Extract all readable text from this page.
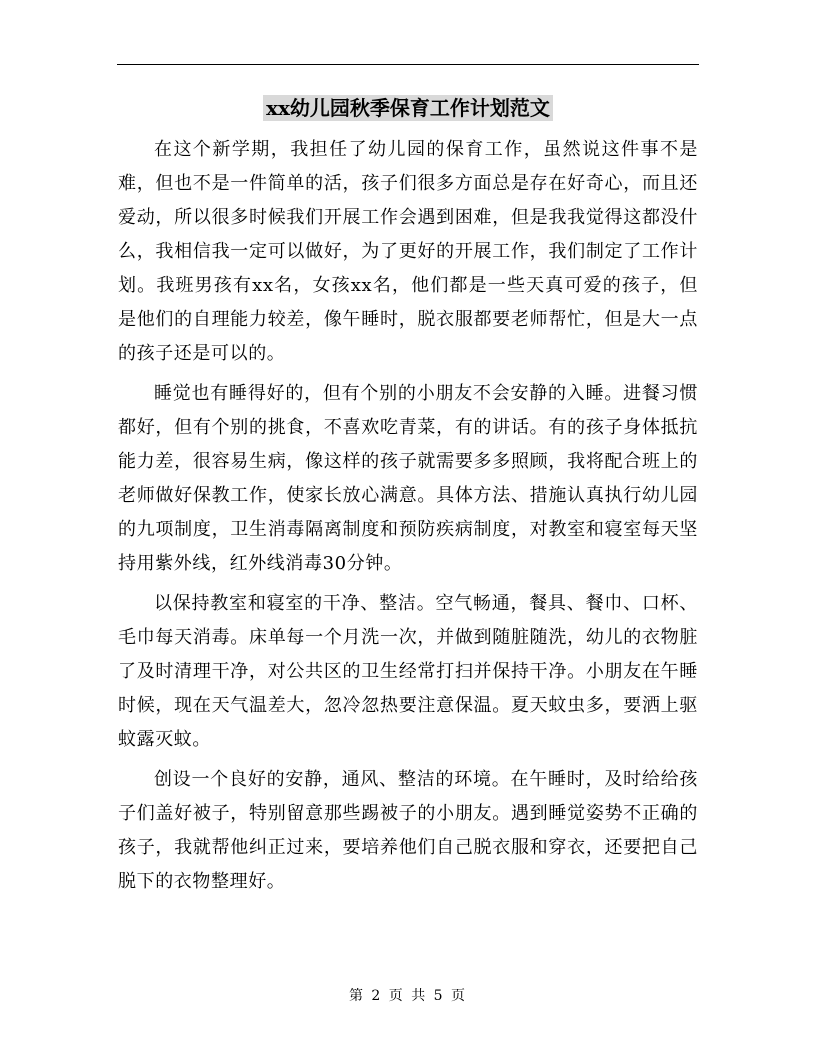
xx幼儿园秋季保育工作计划范文

在这个新学期，我担任了幼儿园的保育工作，虽然说这件事不是难，但也不是一件简单的活，孩子们很多方面总是存在好奇心，而且还爱动，所以很多时候我们开展工作会遇到困难，但是我我觉得这都没什么，我相信我一定可以做好，为了更好的开展工作，我们制定了工作计划。我班男孩有xx名，女孩xx名，他们都是一些天真可爱的孩子，但是他们的自理能力较差，像午睡时，脱衣服都要老师帮忙，但是大一点的孩子还是可以的。

睡觉也有睡得好的，但有个别的小朋友不会安静的入睡。进餐习惯都好，但有个别的挑食，不喜欢吃青菜，有的讲话。有的孩子身体抵抗能力差，很容易生病，像这样的孩子就需要多多照顾，我将配合班上的老师做好保教工作，使家长放心满意。具体方法、措施认真执行幼儿园的九项制度，卫生消毒隔离制度和预防疾病制度，对教室和寝室每天坚持用紫外线，红外线消毒30分钟。

以保持教室和寝室的干净、整洁。空气畅通，餐具、餐巾、口杯、毛巾每天消毒。床单每一个月洗一次，并做到随脏随洗，幼儿的衣物脏了及时清理干净，对公共区的卫生经常打扫并保持干净。小朋友在午睡时候，现在天气温差大，忽冷忽热要注意保温。夏天蚊虫多，要洒上驱蚊露灭蚊。

创设一个良好的安静，通风、整洁的环境。在午睡时，及时给给孩子们盖好被子，特别留意那些踢被子的小朋友。遇到睡觉姿势不正确的孩子，我就帮他纠正过来，要培养他们自己脱衣服和穿衣，还要把自己脱下的衣物整理好。

第 2 页 共 5 页
